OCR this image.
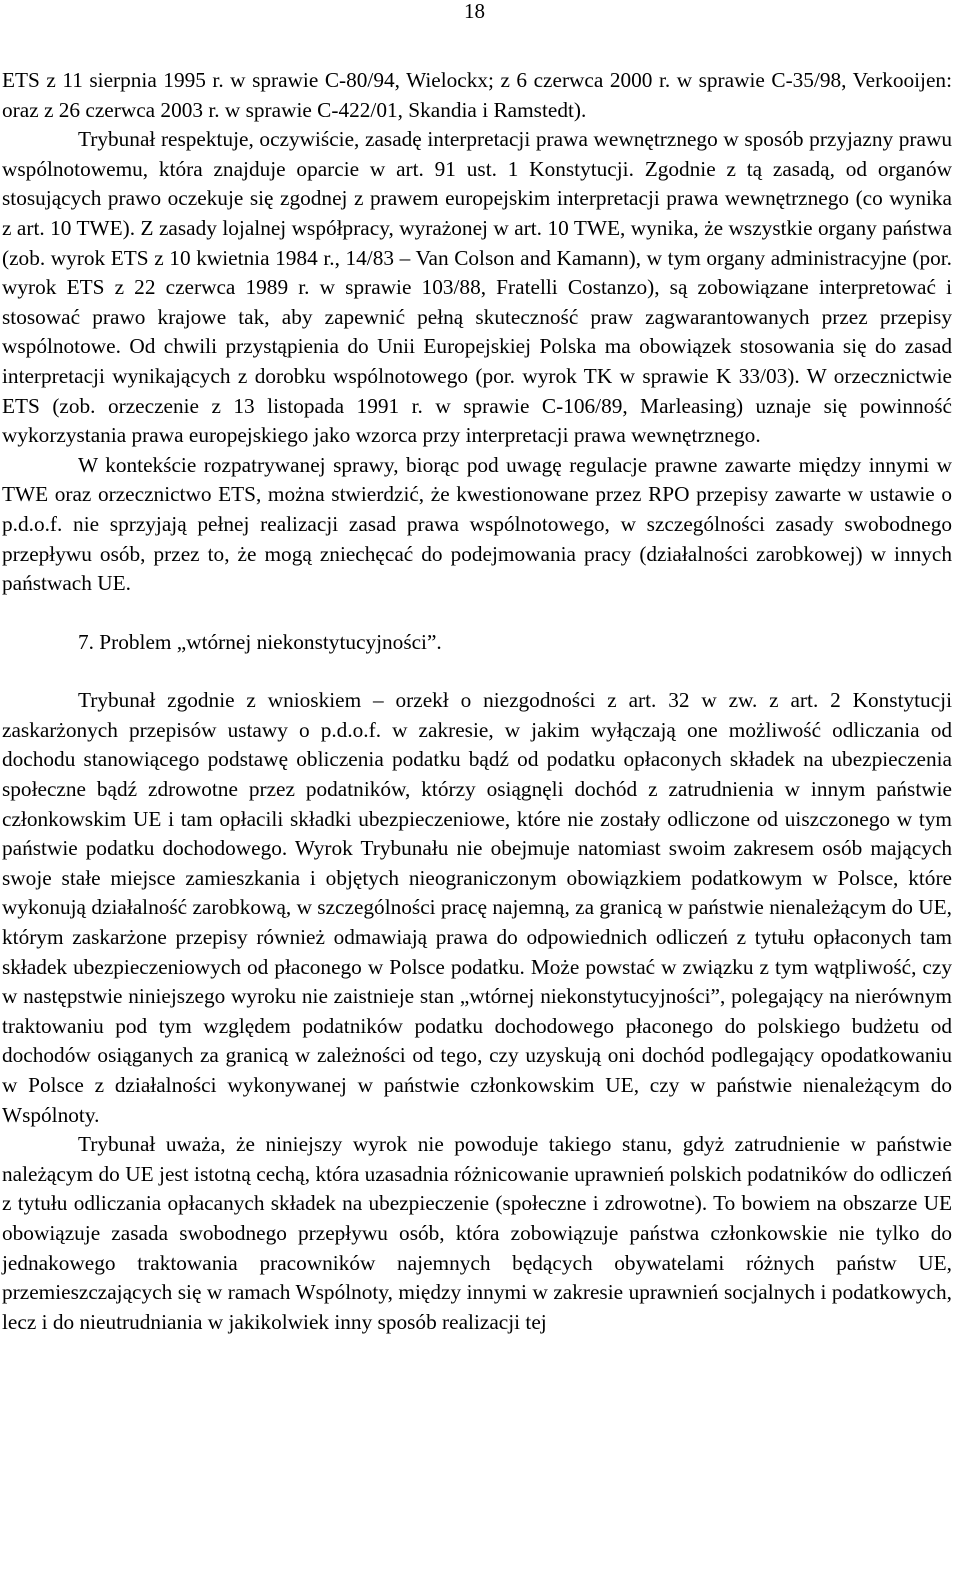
18

ETS z 11 sierpnia 1995 r. w sprawie C-80/94, Wielockx; z 6 czerwca 2000 r. w sprawie C-35/98, Verkooijen: oraz z 26 czerwca 2003 r. w sprawie C-422/01, Skandia i Ramstedt).

Trybunał respektuje, oczywiście, zasadę interpretacji prawa wewnętrznego w sposób przyjazny prawu wspólnotowemu, która znajduje oparcie w art. 91 ust. 1 Konstytucji. Zgodnie z tą zasadą, od organów stosujących prawo oczekuje się zgodnej z prawem europejskim interpretacji prawa wewnętrznego (co wynika z art. 10 TWE). Z zasady lojalnej współpracy, wyrażonej w art. 10 TWE, wynika, że wszystkie organy państwa (zob. wyrok ETS z 10 kwietnia 1984 r., 14/83 – Van Colson and Kamann), w tym organy administracyjne (por. wyrok ETS z 22 czerwca 1989 r. w sprawie 103/88, Fratelli Costanzo), są zobowiązane interpretować i stosować prawo krajowe tak, aby zapewnić pełną skuteczność praw zagwarantowanych przez przepisy wspólnotowe. Od chwili przystąpienia do Unii Europejskiej Polska ma obowiązek stosowania się do zasad interpretacji wynikających z dorobku wspólnotowego (por. wyrok TK w sprawie K 33/03). W orzecznictwie ETS (zob. orzeczenie z 13 listopada 1991 r. w sprawie C-106/89, Marleasing) uznaje się powinność wykorzystania prawa europejskiego jako wzorca przy interpretacji prawa wewnętrznego.

W kontekście rozpatrywanej sprawy, biorąc pod uwagę regulacje prawne zawarte między innymi w TWE oraz orzecznictwo ETS, można stwierdzić, że kwestionowane przez RPO przepisy zawarte w ustawie o p.d.o.f. nie sprzyjają pełnej realizacji zasad prawa wspólnotowego, w szczególności zasady swobodnego przepływu osób, przez to, że mogą zniechęcać do podejmowania pracy (działalności zarobkowej) w innych państwach UE.

7. Problem „wtórnej niekonstytucyjności”.

Trybunał zgodnie z wnioskiem – orzekł o niezgodności z art. 32 w zw. z art. 2 Konstytucji zaskarżonych przepisów ustawy o p.d.o.f. w zakresie, w jakim wyłączają one możliwość odliczania od dochodu stanowiącego podstawę obliczenia podatku bądź od podatku opłaconych składek na ubezpieczenia społeczne bądź zdrowotne przez podatników, którzy osiągnęli dochód z zatrudnienia w innym państwie członkowskim UE i tam opłacili składki ubezpieczeniowe, które nie zostały odliczone od uiszczonego w tym państwie podatku dochodowego. Wyrok Trybunału nie obejmuje natomiast swoim zakresem osób mających swoje stałe miejsce zamieszkania i objętych nieograniczonym obowiązkiem podatkowym w Polsce, które wykonują działalność zarobkową, w szczególności pracę najemną, za granicą w państwie nienależącym do UE, którym zaskarżone przepisy również odmawiają prawa do odpowiednich odliczeń z tytułu opłaconych tam składek ubezpieczeniowych od płaconego w Polsce podatku. Może powstać w związku z tym wątpliwość, czy w następstwie niniejszego wyroku nie zaistnieje stan „wtórnej niekonstytucyjności”, polegający na nierównym traktowaniu pod tym względem podatników podatku dochodowego płaconego do polskiego budżetu od dochodów osiąganych za granicą w zależności od tego, czy uzyskują oni dochód podlegający opodatkowaniu w Polsce z działalności wykonywanej w państwie członkowskim UE, czy w państwie nienależącym do Wspólnoty.

Trybunał uważa, że niniejszy wyrok nie powoduje takiego stanu, gdyż zatrudnienie w państwie należącym do UE jest istotną cechą, która uzasadnia różnicowanie uprawnień polskich podatników do odliczeń z tytułu odliczania opłacanych składek na ubezpieczenie (społeczne i zdrowotne). To bowiem na obszarze UE obowiązuje zasada swobodnego przepływu osób, która zobowiązuje państwa członkowskie nie tylko do jednakowego traktowania pracowników najemnych będących obywatelami różnych państw UE, przemieszczających się w ramach Wspólnoty, między innymi w zakresie uprawnień socjalnych i podatkowych, lecz i do nieutrudniania w jakikolwiek inny sposób realizacji tej
